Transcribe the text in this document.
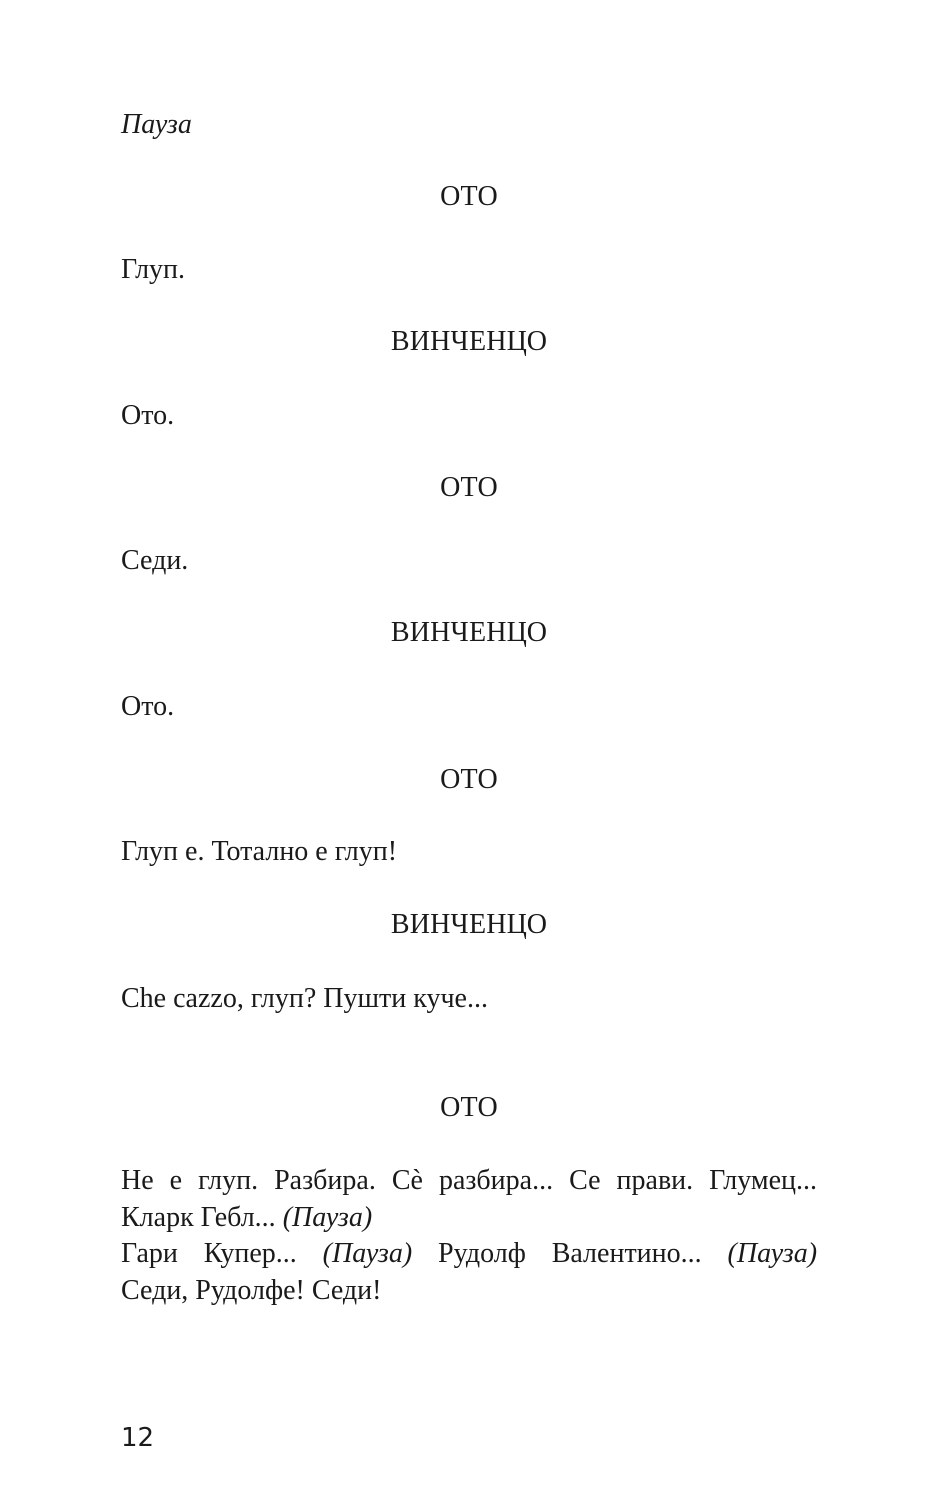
Пауза
ОТО
Глуп.
ВИНЧЕНЦО
Ото.
ОТО
Седи.
ВИНЧЕНЦО
Ото.
ОТО
Глуп е. Тотално е глуп!
ВИНЧЕНЦО
Che cazzo, глуп? Пушти куче...
ОТО
Не е глуп. Разбира. Сѐ разбира... Се прави. Глумец...
Кларк Гебл... (Пауза)
Гари Купер... (Пауза) Рудолф Валентино... (Пауза)
Седи, Рудолфе! Седи!
12
